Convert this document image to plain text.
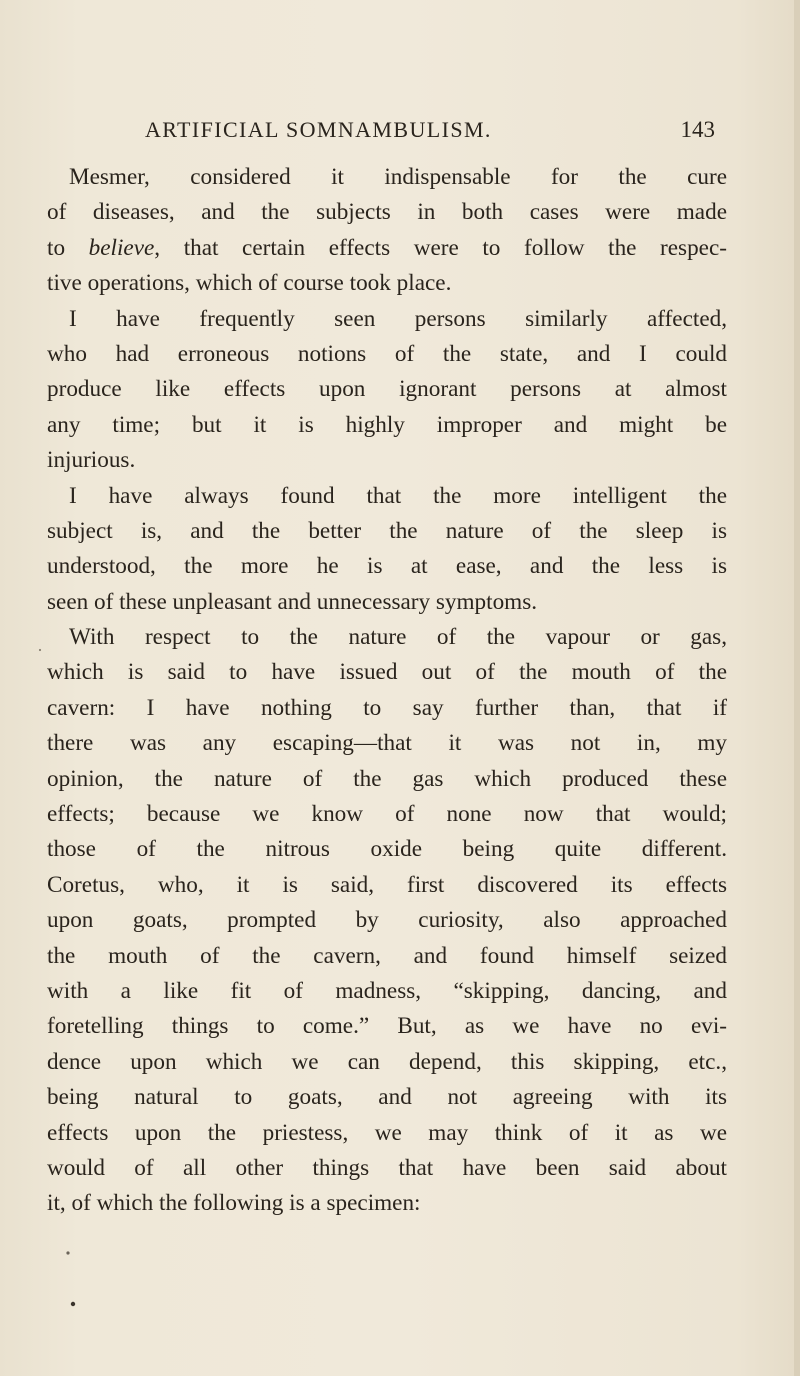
ARTIFICIAL SOMNAMBULISM.	143
Mesmer, considered it indispensable for the cure
of diseases, and the subjects in both cases were made
to believe, that certain effects were to follow the respec-
tive operations, which of course took place.
I have frequently seen persons similarly affected,
who had erroneous notions of the state, and I could
produce like effects upon ignorant persons at almost
any time; but it is highly improper and might be
injurious.
I have always found that the more intelligent the
subject is, and the better the nature of the sleep is
understood, the more he is at ease, and the less is
seen of these unpleasant and unnecessary symptoms.
With respect to the nature of the vapour or gas,
which is said to have issued out of the mouth of the
cavern: I have nothing to say further than, that if
there was any escaping—that it was not in, my
opinion, the nature of the gas which produced these
effects; because we know of none now that would;
those of the nitrous oxide being quite different.
Coretus, who, it is said, first discovered its effects
upon goats, prompted by curiosity, also approached
the mouth of the cavern, and found himself seized
with a like fit of madness, “skipping, dancing, and
foretelling things to come.” But, as we have no evi-
dence upon which we can depend, this skipping, etc.,
being natural to goats, and not agreeing with its
effects upon the priestess, we may think of it as we
would of all other things that have been said about
it, of which the following is a specimen:
